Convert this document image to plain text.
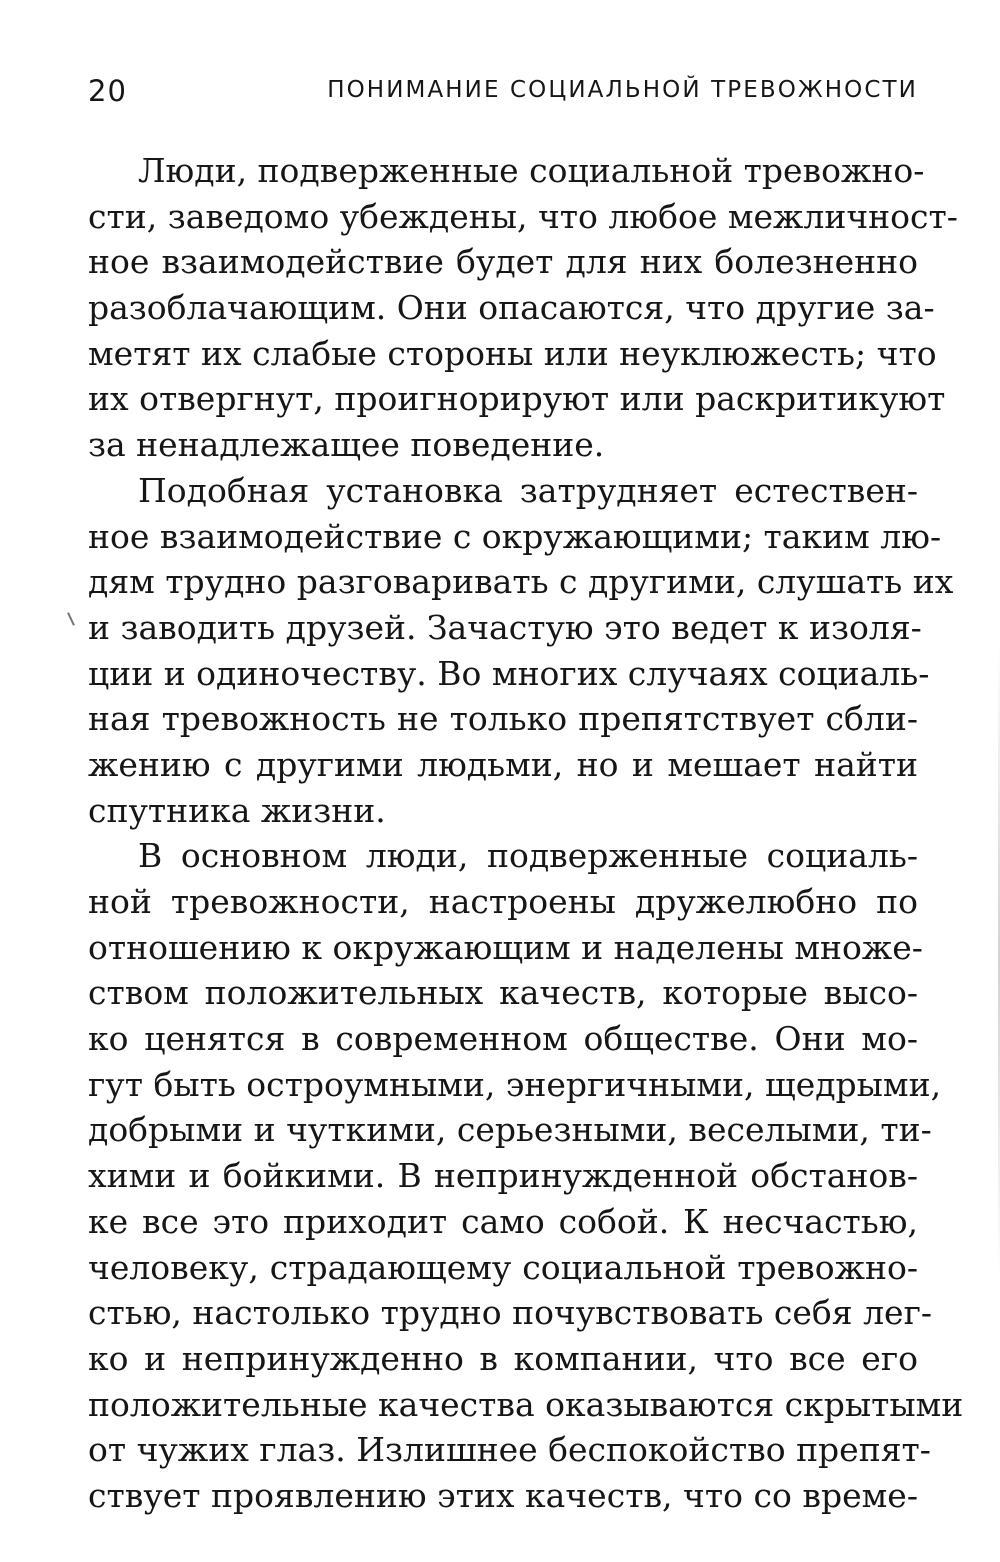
20	ПОНИМАНИЕ СОЦИАЛЬНОЙ ТРЕВОЖНОСТИ
Люди, подверженные социальной тревожно-
сти, заведомо убеждены, что любое межличност-
ное взаимодействие будет для них болезненно
разоблачающим. Они опасаются, что другие за-
метят их слабые стороны или неуклюжесть; что
их отвергнут, проигнорируют или раскритикуют
за ненадлежащее поведение.
Подобная установка затрудняет естествен-
ное взаимодействие с окружающими; таким лю-
дям трудно разговаривать с другими, слушать их
и заводить друзей. Зачастую это ведет к изоля-
ции и одиночеству. Во многих случаях социаль-
ная тревожность не только препятствует сбли-
жению с другими людьми, но и мешает найти
спутника жизни.
В основном люди, подверженные социаль-
ной тревожности, настроены дружелюбно по
отношению к окружающим и наделены множе-
ством положительных качеств, которые высо-
ко ценятся в современном обществе. Они мо-
гут быть остроумными, энергичными, щедрыми,
добрыми и чуткими, серьезными, веселыми, ти-
хими и бойкими. В непринужденной обстанов-
ке все это приходит само собой. К несчастью,
человеку, страдающему социальной тревожно-
стью, настолько трудно почувствовать себя лег-
ко и непринужденно в компании, что все его
положительные качества оказываются скрытыми
от чужих глаз. Излишнее беспокойство препят-
ствует проявлению этих качеств, что со време-
